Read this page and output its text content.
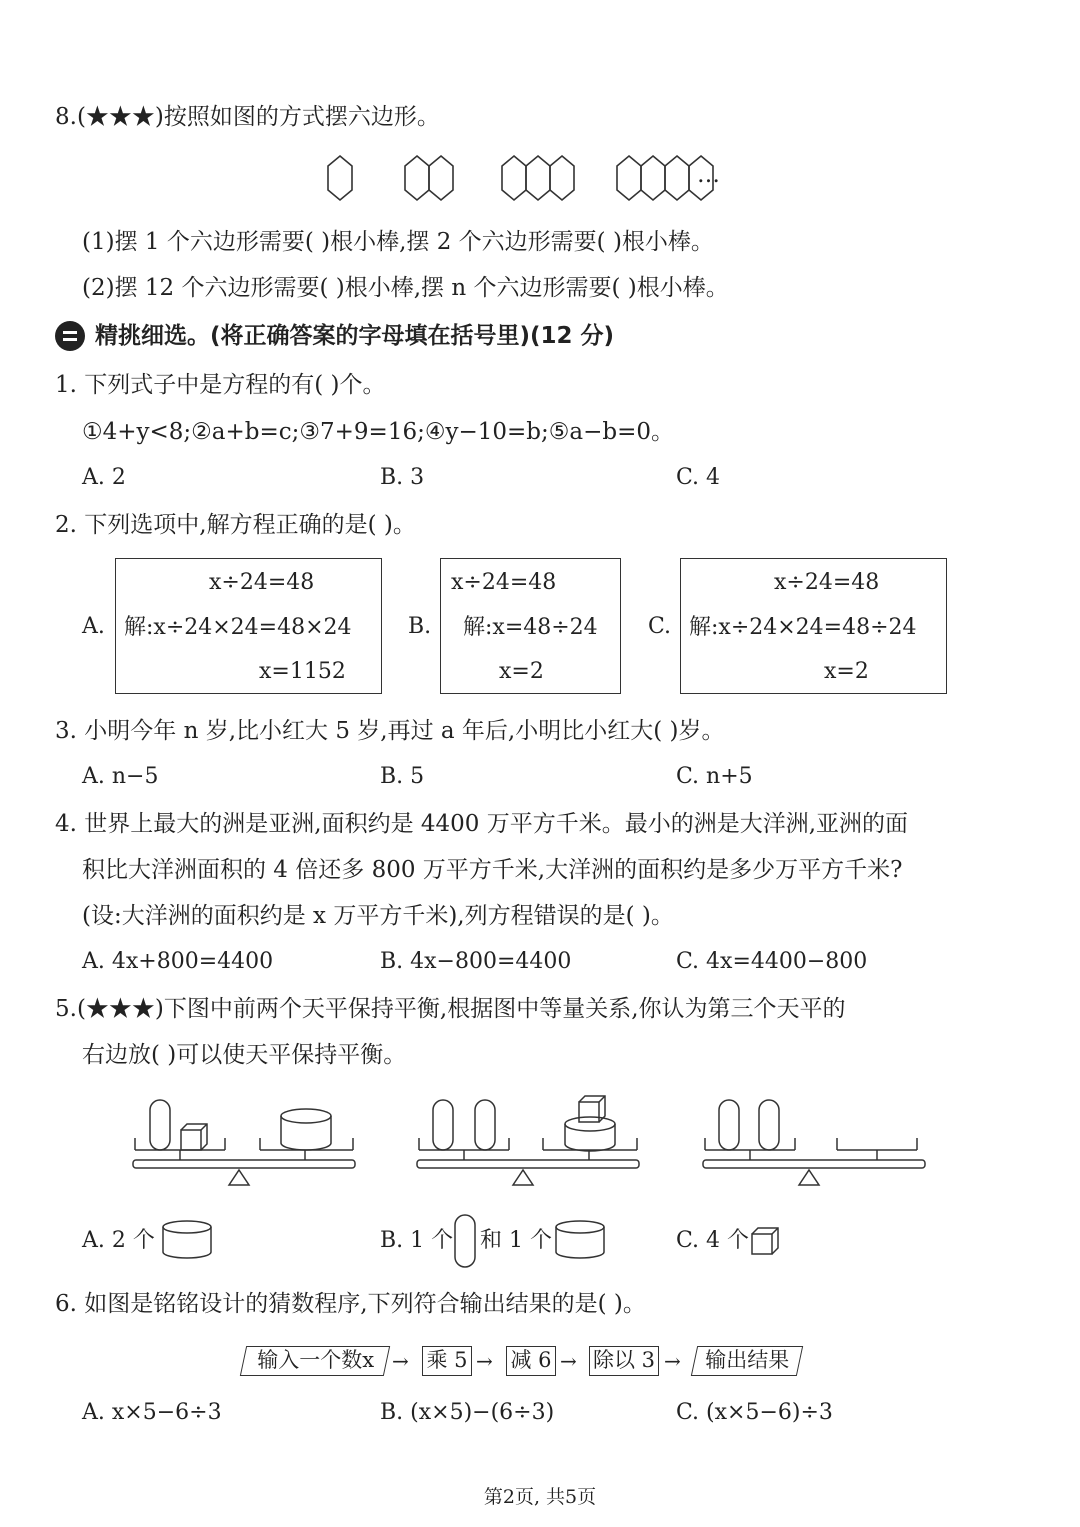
8.(★★★)按照如图的方式摆六边形。
…
(1)摆 1 个六边形需要( )根小棒,摆 2 个六边形需要( )根小棒。
(2)摆 12 个六边形需要( )根小棒,摆 n 个六边形需要( )根小棒。
精挑细选。(将正确答案的字母填在括号里)(12 分)
1. 下列式子中是方程的有( )个。
①4+y<8;②a+b=c;③7+9=16;④y−10=b;⑤a−b=0。
A. 2	B. 3	C. 4
2. 下列选项中,解方程正确的是( )。
A.
x÷24=48
解:x÷24×24=48×24
x=1152
B.
x÷24=48
解:x=48÷24
x=2
C.
x÷24=48
解:x÷24×24=48÷24
x=2
3. 小明今年 n 岁,比小红大 5 岁,再过 a 年后,小明比小红大( )岁。
A. n−5	B. 5	C. n+5
4. 世界上最大的洲是亚洲,面积约是 4400 万平方千米。最小的洲是大洋洲,亚洲的面
积比大洋洲面积的 4 倍还多 800 万平方千米,大洋洲的面积约是多少万平方千米?
(设:大洋洲的面积约是 x 万平方千米),列方程错误的是( )。
A. 4x+800=4400	B. 4x−800=4400	C. 4x=4400−800
5.(★★★)下图中前两个天平保持平衡,根据图中等量关系,你认为第三个天平的
右边放( )可以使天平保持平衡。
A. 2 个	B. 1 个 和 1 个	C. 4 个
6. 如图是铭铭设计的猜数程序,下列符合输出结果的是( )。
输入一个数x → 乘 5 → 减 6 → 除以 3 →	输出结果
A. x×5−6÷3	B. (x×5)−(6÷3)	C. (x×5−6)÷3
第2页, 共5页
